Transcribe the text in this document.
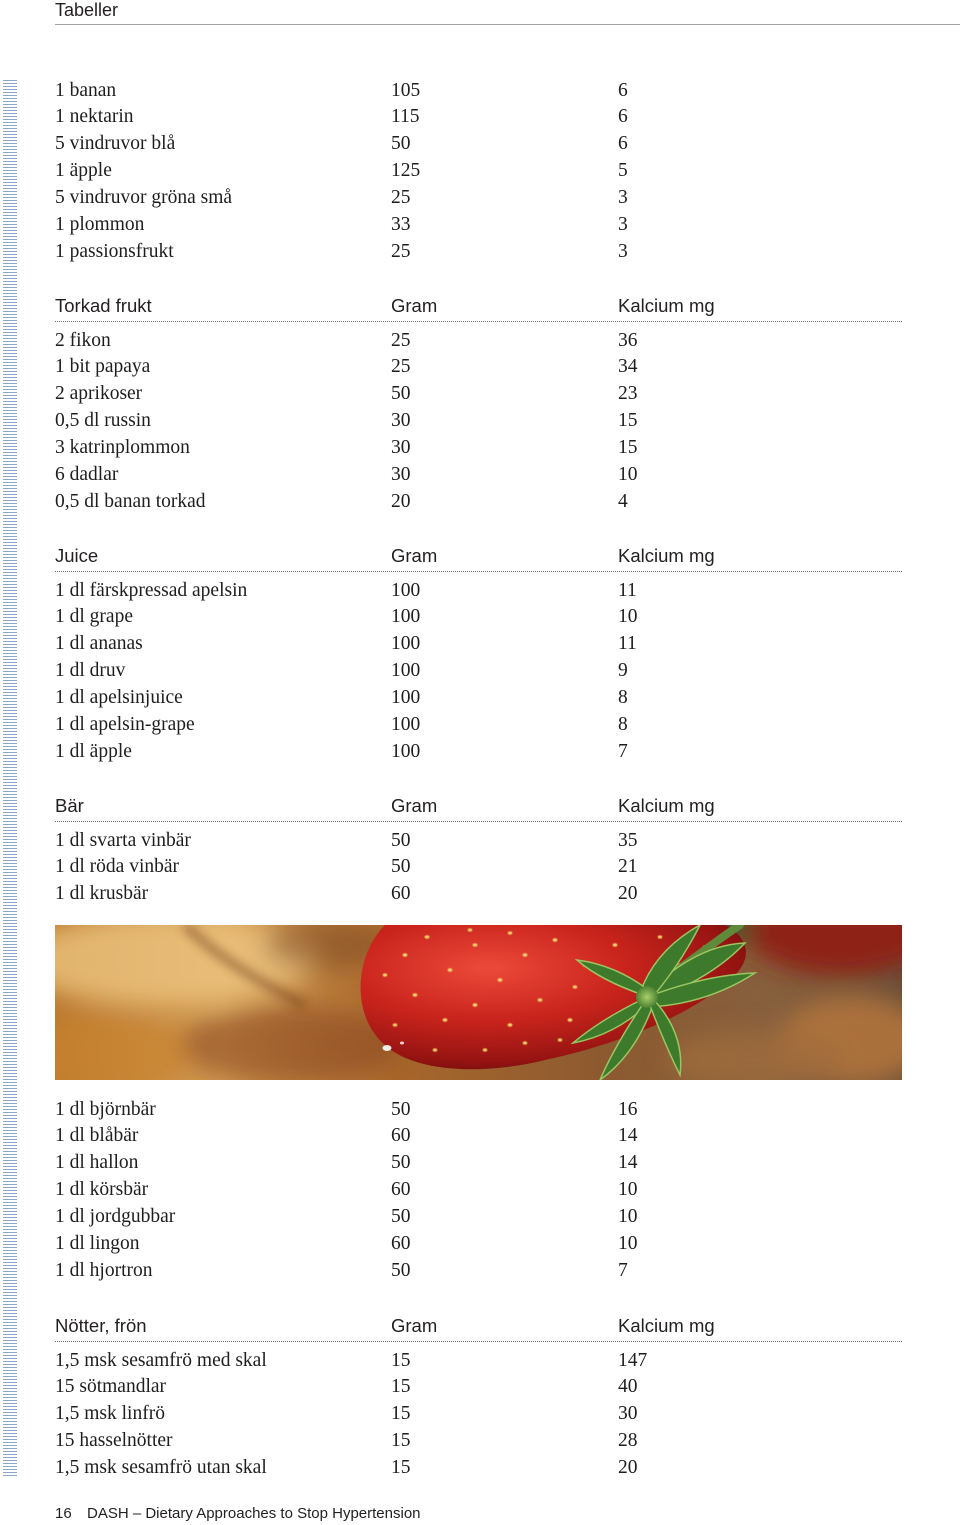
Tabeller
1 banan	105	6
1 nektarin	115	6
5 vindruvor blå	50	6
1 äpple	125	5
5 vindruvor gröna små	25	3
1 plommon	33	3
1 passionsfrukt	25	3
Torkad frukt	Gram	Kalcium mg
2 fikon	25	36
1 bit papaya	25	34
2 aprikoser	50	23
0,5 dl russin	30	15
3 katrinplommon	30	15
6 dadlar	30	10
0,5 dl banan torkad	20	4
Juice	Gram	Kalcium mg
1 dl färskpressad apelsin	100	11
1 dl grape	100	10
1 dl ananas	100	11
1 dl druv	100	9
1 dl apelsinjuice	100	8
1 dl apelsin-grape	100	8
1 dl äpple	100	7
Bär	Gram	Kalcium mg
1 dl svarta vinbär	50	35
1 dl röda vinbär	50	21
1 dl krusbär	60	20
1 dl björnbär	50	16
1 dl blåbär	60	14
1 dl hallon	50	14
1 dl körsbär	60	10
1 dl jordgubbar	50	10
1 dl lingon	60	10
1 dl hjortron	50	7
Nötter, frön	Gram	Kalcium mg
1,5 msk sesamfrö med skal	15	147
15 sötmandlar	15	40
1,5 msk linfrö	15	30
15 hasselnötter	15	28
1,5 msk sesamfrö utan skal	15	20
16 DASH – Dietary Approaches to Stop Hypertension
